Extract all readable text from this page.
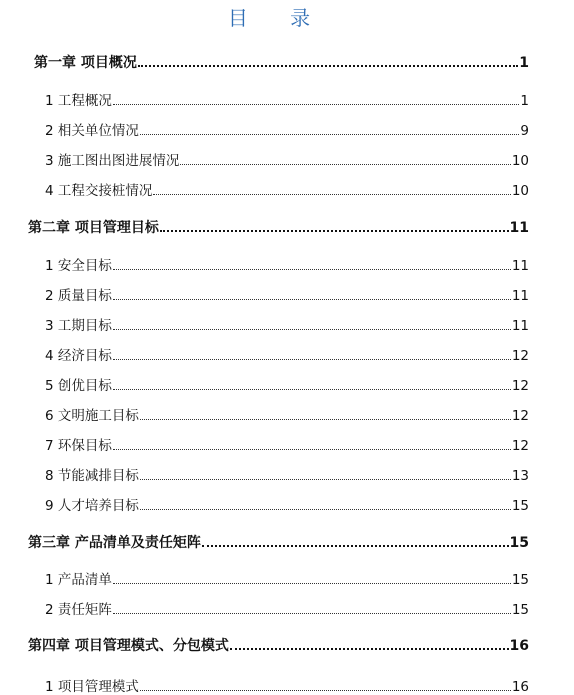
目 录
第一章 项目概况	1
1 工程概况	1
2 相关单位情况	9
3 施工图出图进展情况	10
4 工程交接桩情况	10
第二章 项目管理目标	11
1 安全目标	11
2 质量目标	11
3 工期目标	11
4 经济目标	12
5 创优目标	12
6 文明施工目标	12
7 环保目标	12
8 节能减排目标	13
9 人才培养目标	15
第三章 产品清单及责任矩阵	15
1 产品清单	15
2 责任矩阵	15
第四章 项目管理模式、分包模式	16
1 项目管理模式	16
